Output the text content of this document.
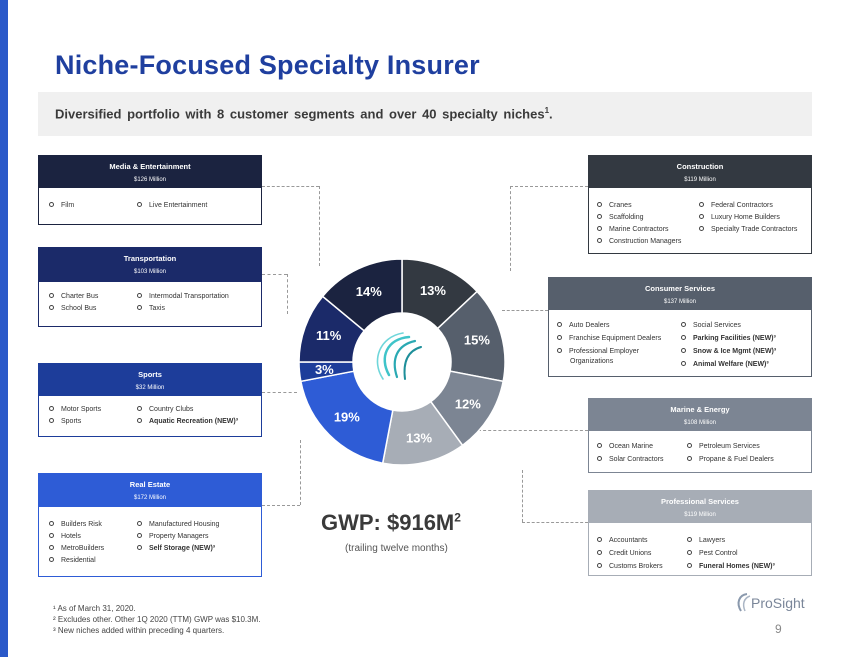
Niche-Focused Specialty Insurer
Diversified portfolio with 8 customer segments and over 40 specialty niches$^1$.
Media & Entertainment
$126 Million
Film	Live Entertainment
Transportation
$103 Million
Charter Bus
School Bus
Intermodal Transportation
Taxis
Sports
$32 Million
Motor Sports
Sports
Country Clubs
Aquatic Recreation (NEW)³
Real Estate
$172 Million
Builders Risk
Hotels
MetroBuilders
Residential
Manufactured Housing
Property Managers
Self Storage (NEW)³
Construction
$119 Million
Cranes
Scaffolding
Marine Contractors
Construction Managers
Federal Contractors
Luxury Home Builders
Specialty Trade Contractors
Consumer Services
$137 Million
Auto Dealers
Franchise Equipment Dealers
Professional Employer
Organizations
Social Services
Parking Facilities (NEW)³
Snow & Ice Mgmt (NEW)³
Animal Welfare (NEW)³
Marine & Energy
$108 Million
Ocean Marine
Solar Contractors
Petroleum Services
Propane & Fuel Dealers
Professional Services
$119 Million
Accountants
Credit Unions
Customs Brokers
Lawyers
Pest Control
Funeral Homes (NEW)³
13%
15%
12%
13%
19%
3%
11%
14%
GWP: $\$916M^2$
(trailing twelve months)
¹ As of March 31, 2020.
² Excludes other. Other 1Q 2020 (TTM) GWP was $10.3M.
³ New niches added within preceding 4 quarters.
ProSight
9
